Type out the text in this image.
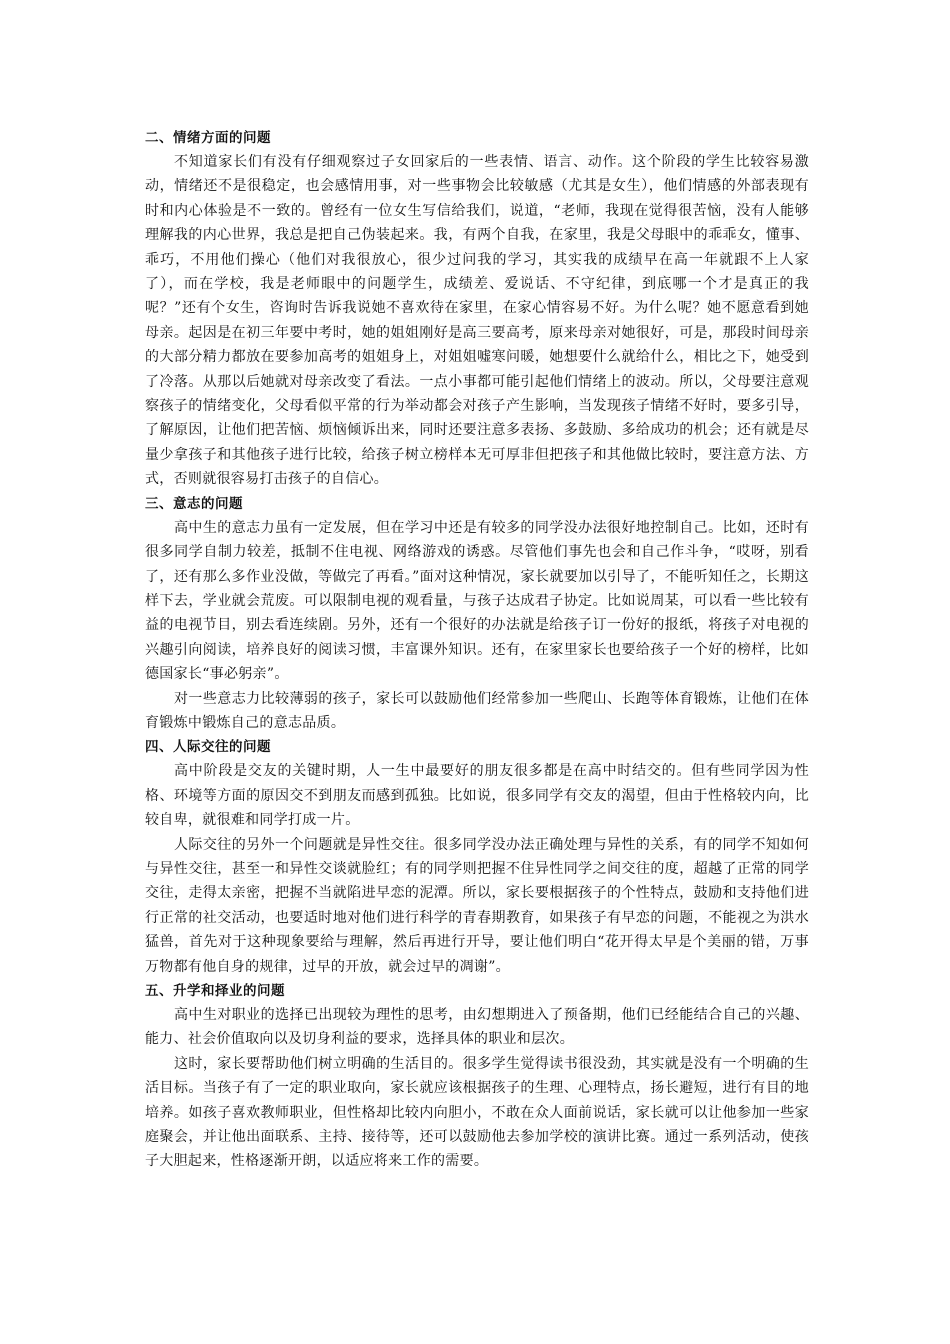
二、情绪方面的问题

不知道家长们有没有仔细观察过子女回家后的一些表情、语言、动作。这个阶段的学生比较容易激动，情绪还不是很稳定，也会感情用事，对一些事物会比较敏感（尤其是女生），他们情感的外部表现有时和内心体验是不一致的。曾经有一位女生写信给我们，说道，“老师，我现在觉得很苦恼，没有人能够理解我的内心世界，我总是把自己伪装起来。我，有两个自我，在家里，我是父母眼中的乖乖女，懂事、乖巧，不用他们操心（他们对我很放心，很少过问我的学习，其实我的成绩早在高一年就跟不上人家了），而在学校，我是老师眼中的问题学生，成绩差、爱说话、不守纪律，到底哪一个才是真正的我呢？”还有个女生，咨询时告诉我说她不喜欢待在家里，在家心情容易不好。为什么呢？她不愿意看到她母亲。起因是在初三年要中考时，她的姐姐刚好是高三要高考，原来母亲对她很好，可是，那段时间母亲的大部分精力都放在要参加高考的姐姐身上，对姐姐嘘寒问暖，她想要什么就给什么，相比之下，她受到了冷落。从那以后她就对母亲改变了看法。一点小事都可能引起他们情绪上的波动。所以，父母要注意观察孩子的情绪变化，父母看似平常的行为举动都会对孩子产生影响，当发现孩子情绪不好时，要多引导，了解原因，让他们把苦恼、烦恼倾诉出来，同时还要注意多表扬、多鼓励、多给成功的机会；还有就是尽量少拿孩子和其他孩子进行比较，给孩子树立榜样本无可厚非但把孩子和其他做比较时，要注意方法、方式，否则就很容易打击孩子的自信心。

三、意志的问题

高中生的意志力虽有一定发展，但在学习中还是有较多的同学没办法很好地控制自己。比如，还时有很多同学自制力较差，抵制不住电视、网络游戏的诱惑。尽管他们事先也会和自己作斗争，“哎呀，别看了，还有那么多作业没做，等做完了再看。”面对这种情况，家长就要加以引导了，不能听知任之，长期这样下去，学业就会荒废。可以限制电视的观看量，与孩子达成君子协定。比如说周某，可以看一些比较有益的电视节目，别去看连续剧。另外，还有一个很好的办法就是给孩子订一份好的报纸，将孩子对电视的兴趣引向阅读，培养良好的阅读习惯，丰富课外知识。还有，在家里家长也要给孩子一个好的榜样，比如德国家长“事必躬亲”。

对一些意志力比较薄弱的孩子，家长可以鼓励他们经常参加一些爬山、长跑等体育锻炼，让他们在体育锻炼中锻炼自己的意志品质。

四、人际交往的问题

高中阶段是交友的关键时期，人一生中最要好的朋友很多都是在高中时结交的。但有些同学因为性格、环境等方面的原因交不到朋友而感到孤独。比如说，很多同学有交友的渴望，但由于性格较内向，比较自卑，就很难和同学打成一片。

人际交往的另外一个问题就是异性交往。很多同学没办法正确处理与异性的关系，有的同学不知如何与异性交往，甚至一和异性交谈就脸红；有的同学则把握不住异性同学之间交往的度，超越了正常的同学交往，走得太亲密，把握不当就陷进早恋的泥潭。所以，家长要根据孩子的个性特点，鼓励和支持他们进行正常的社交活动，也要适时地对他们进行科学的青春期教育，如果孩子有早恋的问题，不能视之为洪水猛兽，首先对于这种现象要给与理解，然后再进行开导，要让他们明白“花开得太早是个美丽的错，万事万物都有他自身的规律，过早的开放，就会过早的凋谢”。

五、升学和择业的问题

高中生对职业的选择已出现较为理性的思考，由幻想期进入了预备期，他们已经能结合自己的兴趣、能力、社会价值取向以及切身利益的要求，选择具体的职业和层次。

这时，家长要帮助他们树立明确的生活目的。很多学生觉得读书很没劲，其实就是没有一个明确的生活目标。当孩子有了一定的职业取向，家长就应该根据孩子的生理、心理特点，扬长避短，进行有目的地培养。如孩子喜欢教师职业，但性格却比较内向胆小，不敢在众人面前说话，家长就可以让他参加一些家庭聚会，并让他出面联系、主持、接待等，还可以鼓励他去参加学校的演讲比赛。通过一系列活动，使孩子大胆起来，性格逐渐开朗，以适应将来工作的需要。
